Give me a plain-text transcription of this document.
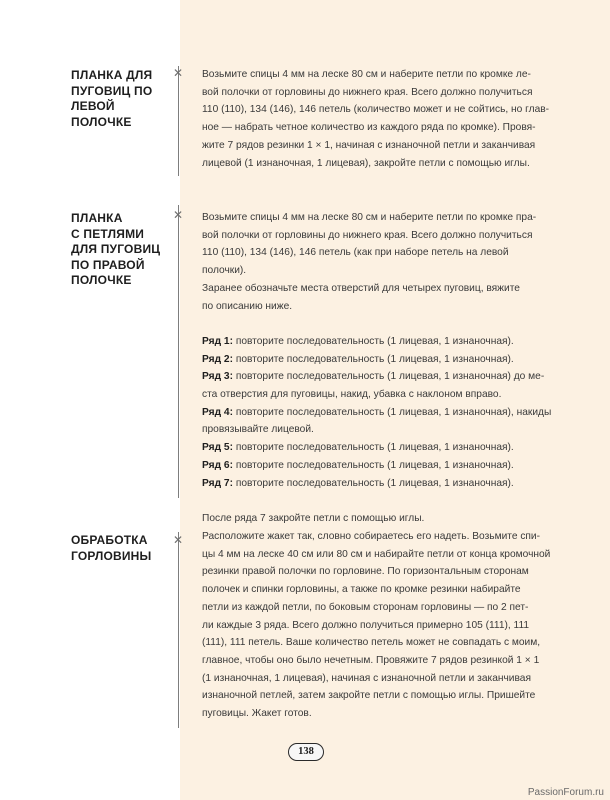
✕
✕
✕
ПЛАНКА ДЛЯ
ПУГОВИЦ ПО
ЛЕВОЙ ПОЛОЧКЕ

Возьмите спицы 4 мм на леске 80 см и наберите петли по кромке ле-

вой полочки от горловины до нижнего края. Всего должно получиться

110 (110), 134 (146), 146 петель (количество может и не сойтись, но глав-

ное — набрать четное количество из каждого ряда по кромке). Провя-

жите 7 рядов резинки 1 × 1, начиная с изнаночной петли и заканчивая

лицевой (1 изнаночная, 1 лицевая), закройте петли с помощью иглы.

ПЛАНКА
С ПЕТЛЯМИ
ДЛЯ ПУГОВИЦ
ПО ПРАВОЙ
ПОЛОЧКЕ

Возьмите спицы 4 мм на леске 80 см и наберите петли по кромке пра-

вой полочки от горловины до нижнего края. Всего должно получиться

110 (110), 134 (146), 146 петель (как при наборе петель на левой полочки).

Заранее обозначьте места отверстий для четырех пуговиц, вяжите

по описанию ниже.

Ряд 1: повторите последовательность (1 лицевая, 1 изнаночная).
Ряд 2: повторите последовательность (1 лицевая, 1 изнаночная).
Ряд 3: повторите последовательность (1 лицевая, 1 изнаночная) до ме-
ста отверстия для пуговицы, накид, убавка с наклоном вправо.
Ряд 4: повторите последовательность (1 лицевая, 1 изнаночная), накиды
провязывайте лицевой.
Ряд 5: повторите последовательность (1 лицевая, 1 изнаночная).
Ряд 6: повторите последовательность (1 лицевая, 1 изнаночная).
Ряд 7: повторите последовательность (1 лицевая, 1 изнаночная).

После ряда 7 закройте петли с помощью иглы.

ОБРАБОТКА
ГОРЛОВИНЫ

Расположите жакет так, словно собираетесь его надеть. Возьмите спи-

цы 4 мм на леске 40 см или 80 см и набирайте петли от конца кромочной

резинки правой полочки по горловине. По горизонтальным сторонам

полочек и спинки горловины, а также по кромке резинки набирайте

петли из каждой петли, по боковым сторонам горловины — по 2 пет-

ли каждые 3 ряда. Всего должно получиться примерно 105 (111), 111

(111), 111 петель. Ваше количество петель может не совпадать с моим,

главное, чтобы оно было нечетным. Провяжите 7 рядов резинкой 1 × 1

(1 изнаночная, 1 лицевая), начиная с изнаночной петли и заканчивая

изнаночной петлей, затем закройте петли с помощью иглы. Пришейте

пуговицы. Жакет готов.

138
PassionForum.ru
